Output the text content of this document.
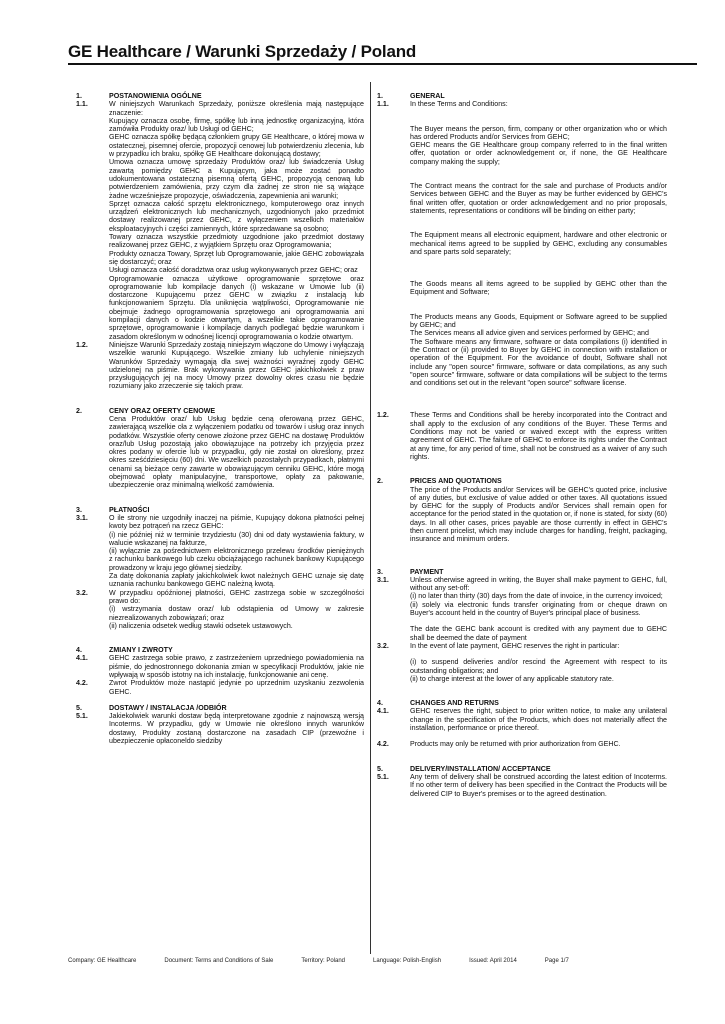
GE Healthcare / Warunki Sprzedaży / Poland
1.	POSTANOWIENIA OGÓLNE
1.1.	W niniejszych Warunkach Sprzedaży, poniższe określenia mają następujące znaczenie:
Kupujący oznacza osobę, firmę, spółkę lub inną jednostkę organizacyjną, która zamówiła Produkty oraz/ lub Usługi od GEHC;
GEHC oznacza spółkę będącą członkiem grupy GE Healthcare, o której mowa w ostatecznej, pisemnej ofercie, propozycji cenowej lub potwierdzeniu zlecenia, lub w przypadku ich braku, spółkę GE Healthcare dokonującą dostawy;
Umowa oznacza umowę sprzedaży Produktów oraz/ lub świadczenia Usług zawartą pomiędzy GEHC a Kupującym, jaka może zostać ponadto udokumentowana ostateczną pisemną ofertą GEHC, propozycją cenową lub potwierdzeniem zamówienia, przy czym dla żadnej ze stron nie są wiążące żadne wcześniejsze propozycje, oświadczenia, zapewnienia ani warunki;
Sprzęt oznacza całość sprzętu elektronicznego, komputerowego oraz innych urządzeń elektronicznych lub mechanicznych, uzgodnionych jako przedmiot dostawy realizowanej przez GEHC, z wyłączeniem wszelkich materiałów eksploatacyjnych i części zamiennych, które sprzedawane są osobno;
Towary oznacza wszystkie przedmioty uzgodnione jako przedmiot dostawy realizowanej przez GEHC, z wyjątkiem Sprzętu oraz Oprogramowania;
Produkty oznacza Towary, Sprzęt lub Oprogramowanie, jakie GEHC zobowiązała się dostarczyć; oraz
Usługi oznacza całość doradztwa oraz usług wykonywanych przez GEHC; oraz
Oprogramowanie oznacza użytkowe oprogramowanie sprzętowe oraz oprogramowanie lub kompilacje danych (i) wskazane w Umowie lub (ii) dostarczone Kupującemu przez GEHC w związku z instalacją lub funkcjonowaniem Sprzętu. Dla uniknięcia wątpliwości, Oprogramowanie nie obejmuje żadnego oprogramowania sprzętowego ani oprogramowania ani kompilacji danych o kodzie otwartym, a wszelkie takie oprogramowanie sprzętowe, oprogramowanie i kompilacje danych podlegać będzie warunkom i zasadom określonym w odnośnej licencji oprogramowania o kodzie otwartym.
1.2.	Niniejsze Warunki Sprzedaży zostają niniejszym włączone do Umowy i wyłączają wszelkie warunki Kupującego. Wszelkie zmiany lub uchylenie niniejszych Warunków Sprzedaży wymagają dla swej ważności wyraźnej zgody GEHC udzielonej na piśmie. Brak wykonywania przez GEHC jakichkolwiek z praw przysługujących jej na mocy Umowy przez dowolny okres czasu nie będzie rozumiany jako zrzeczenie się takich praw.
2.	CENY ORAZ OFERTY CENOWE
Cena Produktów oraz/ lub Usług będzie ceną oferowaną przez GEHC, zawierającą wszelkie cła z wyłączeniem podatku od towarów i usług oraz innych podatków. Wszystkie oferty cenowe złożone przez GEHC na dostawę Produktów oraz/lub Usług pozostają jako obowiązujące na potrzeby ich przyjęcia przez okres podany w ofercie lub w przypadku, gdy nie został on określony, przez okres sześćdziesięciu (60) dni. We wszelkich pozostałych przypadkach, płatnymi cenami są bieżące ceny zawarte w obowiązującym cenniku GEHC, które mogą obejmować opłaty manipulacyjne, transportowe, opłaty za pakowanie, ubezpieczenie oraz minimalną wielkość zamówienia.
3.	PŁATNOŚCI
3.1.	O ile strony nie uzgodniły inaczej na piśmie, Kupujący dokona płatności pełnej kwoty bez potrąceń na rzecz GEHC:
(i) nie później niż w terminie trzydziestu (30) dni od daty wystawienia faktury, w walucie wskazanej na fakturze,
(ii) wyłącznie za pośrednictwem elektronicznego przelewu środków pieniężnych z rachunku bankowego lub czeku obciążającego rachunek bankowy Kupującego prowadzony w kraju jego głównej siedziby.
Za datę dokonania zapłaty jakichkolwiek kwot należnych GEHC uznaje się datę uznania rachunku bankowego GEHC należną kwotą.
3.2.	W przypadku opóźnionej płatności, GEHC zastrzega sobie w szczególności prawo do:
(i) wstrzymania dostaw oraz/ lub odstąpienia od Umowy w zakresie niezrealizowanych zobowiązań; oraz
(ii) naliczenia odsetek według stawki odsetek ustawowych.
4.	ZMIANY I ZWROTY
4.1.	GEHC zastrzega sobie prawo, z zastrzeżeniem uprzedniego powiadomienia na piśmie, do jednostronnego dokonania zmian w specyfikacji Produktów, jakie nie wpływają w sposób istotny na ich instalację, funkcjonowanie ani cenę.
4.2.	Zwrot Produktów może nastąpić jedynie po uprzednim uzyskaniu zezwolenia GEHC.
5.	DOSTAWY / INSTALACJA /ODBIÓR
5.1.	Jakiekolwiek warunki dostaw będą interpretowane zgodnie z najnowszą wersją Incoterms. W przypadku, gdy w Umowie nie określono innych warunków dostawy, Produkty zostaną dostarczone na zasadach CIP (przewoźne i ubezpieczenie opłaconeldo siedziby
1.	GENERAL
1.1.	In these Terms and Conditions:
The Buyer means the person, firm, company or other organization who or which has ordered Products and/or Services from GEHC;
GEHC means the GE Healthcare group company referred to in the final written offer, quotation or order acknowledgement or, if none, the GE Healthcare company making the supply;
The Contract means the contract for the sale and purchase of Products and/or Services between GEHC and the Buyer as may be further evidenced by GEHC's final written offer, quotation or order acknowledgement and no prior proposals, statements, representations or conditions will be binding on either party;
The Equipment means all electronic equipment, hardware and other electronic or mechanical items agreed to be supplied by GEHC, excluding any consumables and spare parts sold separately;
The Goods means all items agreed to be supplied by GEHC other than the Equipment and Software;
The Products means any Goods, Equipment or Software agreed to be supplied by GEHC; and
The Services means all advice given and services performed by GEHC; and
The Software means any firmware, software or data compilations (i) identified in the Contract or (ii) provided to Buyer by GEHC in connection with installation or operation of the Equipment. For the avoidance of doubt, Software shall not include any "open source" firmware, software or data compilations, as any such "open source" firmware, software or data compilations will be subject to the terms and conditions set out in the relevant "open source" software license.
1.2.	These Terms and Conditions shall be hereby incorporated into the Contract and shall apply to the exclusion of any conditions of the Buyer. These Terms and Conditions may not be varied or waived except with the express written agreement of GEHC. The failure of GEHC to enforce its rights under the Contract at any time, for any period of time, shall not be construed as a waiver of any such rights.
2.	PRICES AND QUOTATIONS
The price of the Products and/or Services will be GEHC's quoted price, inclusive of any duties, but exclusive of value added or other taxes. All quotations issued by GEHC for the supply of Products and/or Services shall remain open for acceptance for the period stated in the quotation or, if none is stated, for sixty (60) days. In all other cases, prices payable are those currently in effect in GEHC's then current pricelist, which may include charges for handling, freight, packaging, insurance and minimum orders.
3.	PAYMENT
3.1.	Unless otherwise agreed in writing, the Buyer shall make payment to GEHC, full, without any set-off:
(i) no later than thirty (30) days from the date of invoice, in the currency invoiced;
(ii) solely via electronic funds transfer originating from or cheque drawn on Buyer's account held in the country of Buyer's principal place of business.
The date the GEHC bank account is credited with any payment due to GEHC shall be deemed the date of payment
3.2.	In the event of late payment, GEHC reserves the right in particular:
(i) to suspend deliveries and/or rescind the Agreement with respect to its outstanding obligations; and
(ii) to charge interest at the lower of any applicable statutory rate.
4.	CHANGES AND RETURNS
4.1.	GEHC reserves the right, subject to prior written notice, to make any unilateral change in the specification of the Products, which does not materially affect the installation, performance or price thereof.
4.2.	Products may only be returned with prior authorization from GEHC.
5.	DELIVERY/INSTALLATION/ ACCEPTANCE
5.1.	Any term of delivery shall be construed according the latest edition of Incoterms. If no other term of delivery has been specified in the Contract the Products will be delivered CIP to Buyer's premises or to the agreed destination.
Company: GE Healthcare	Document: Terms and Conditions of Sale	Territory: Poland	Language: Polish-English	Issued: April 2014	Page 1/7
